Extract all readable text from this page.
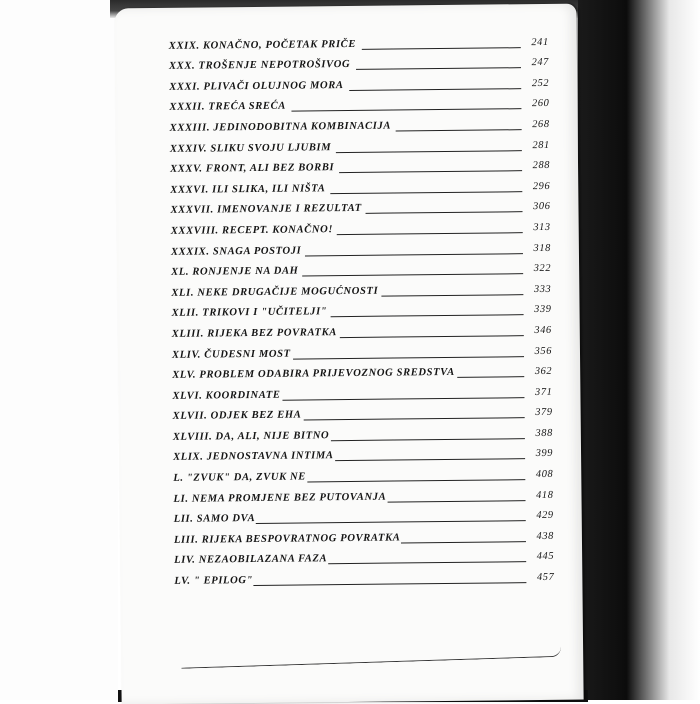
XXIX. KONAČNO, POČETAK PRIČE	241
XXX. TROŠENJE NEPOTROŠIVOG	247
XXXI. PLIVAČI OLUJNOG MORA	252
XXXII. TREĆA SREĆA	260
XXXIII. JEDINODOBITNA KOMBINACIJA	268
XXXIV. SLIKU SVOJU LJUBIM	281
XXXV. FRONT, ALI BEZ BORBI	288
XXXVI. ILI SLIKA, ILI NIŠTA	296
XXXVII. IMENOVANJE I REZULTAT	306
XXXVIII. RECEPT. KONAČNO!	313
XXXIX. SNAGA POSTOJI	318
XL. RONJENJE NA DAH	322
XLI. NEKE DRUGAČIJE MOGUĆNOSTI	333
XLII. TRIKOVI I "UČITELJI"	339
XLIII. RIJEKA BEZ POVRATKA	346
XLIV. ČUDESNI MOST	356
XLV. PROBLEM ODABIRA PRIJEVOZNOG SREDSTVA	362
XLVI. KOORDINATE	371
XLVII. ODJEK BEZ EHA	379
XLVIII. DA, ALI, NIJE BITNO	388
XLIX. JEDNOSTAVNA INTIMA	399
L. "ZVUK" DA, ZVUK NE	408
LI. NEMA PROMJENE BEZ PUTOVANJA	418
LII. SAMO DVA	429
LIII. RIJEKA BESPOVRATNOG POVRATKA	438
LIV. NEZAOBILAZANA FAZA	445
LV. " EPILOG"	457
